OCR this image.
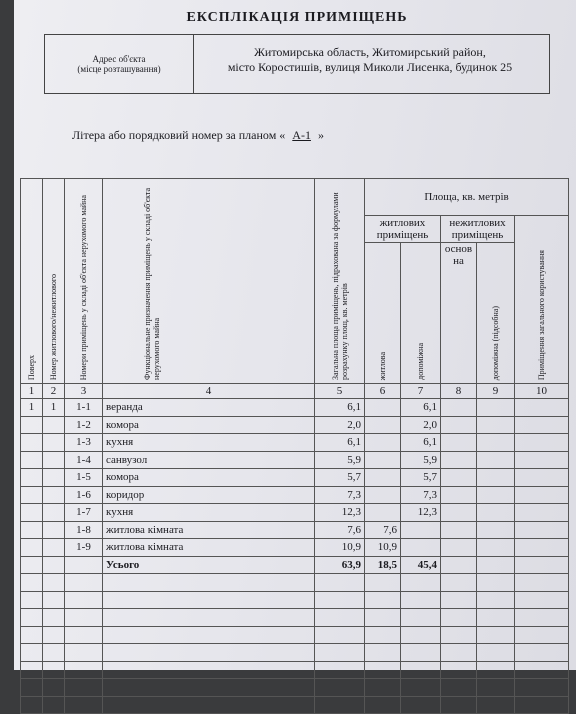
ЕКСПЛІКАЦІЯ ПРИМІЩЕНЬ
Адрес об'єкта
(місце розташування)
Житомирська область, Житомирський район,
місто Коростишів, вулиця Миколи Лисенка, будинок 25
Літера або порядковий номер за планом « А-1 »
Поверх	Номер житлового/нежитлового	Номери приміщень у складі об'єкта нерухомого майна	Функціональне призначення приміщень у складі об'єкта нерухомого майна	Загальна площа приміщень, підрахована за формулами розрахунку площ, кв. метрів	Площа, кв. метрів				
					житлових приміщень		нежитлових приміщень		Приміщення загального користування

					житлова	допоміжна	основ на	допоміжна (підсобна)	

1	2	3	4	5	6	7	8	9	10
1	1	1-1	веранда	6,1		6,1			
		1-2	комора	2,0		2,0			
		1-3	кухня	6,1		6,1			
		1-4	санвузол	5,9		5,9			
		1-5	комора	5,7		5,7			
		1-6	коридор	7,3		7,3			
		1-7	кухня	12,3		12,3			
		1-8	житлова кімната	7,6	7,6				
		1-9	житлова кімната	10,9	10,9				
			Усього	63,9	18,5	45,4			
